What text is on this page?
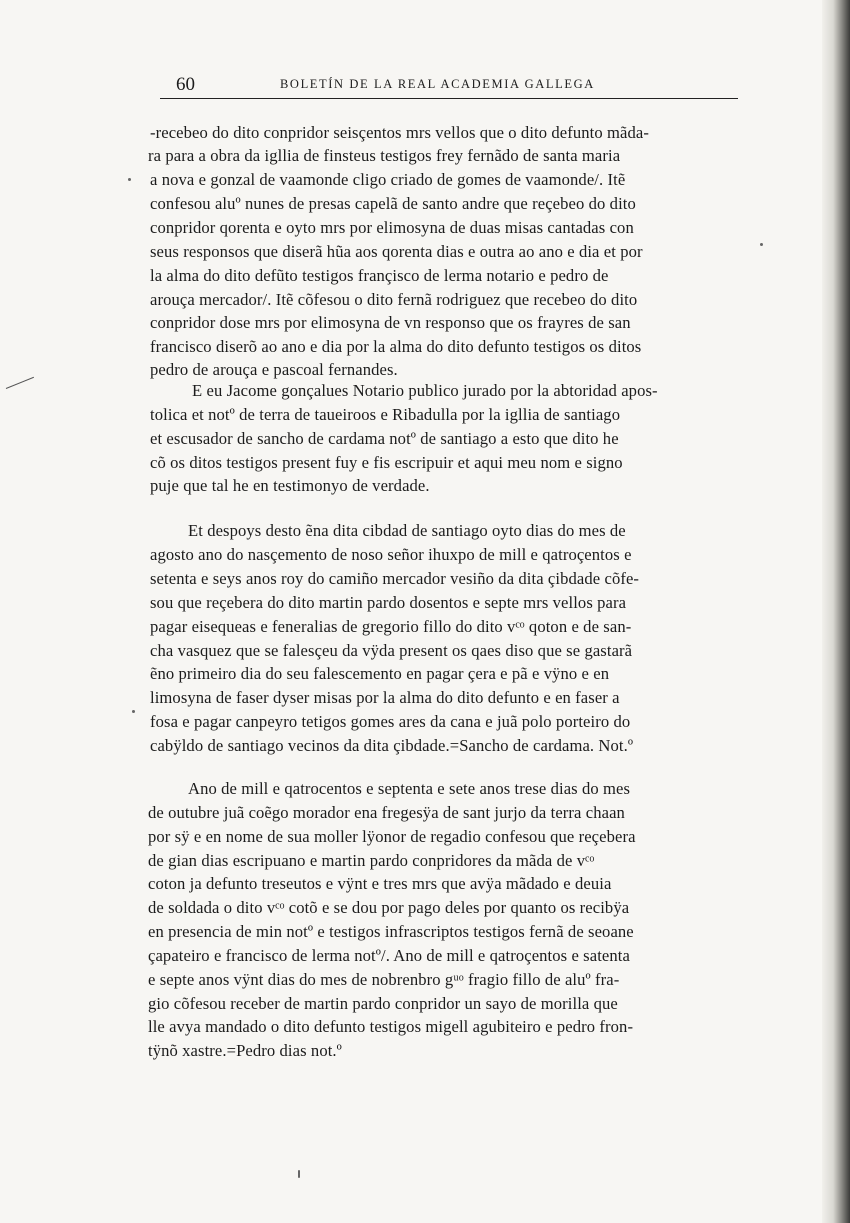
60	BOLETÍN DE LA REAL ACADEMIA GALLEGA
-recebeo do dito conpridor seisçentos mrs vellos que o dito defunto mãda-
ra para a obra da igllia de finsteus testigos frey fernãdo de santa maria
a nova e gonzal de vaamonde cligo criado de gomes de vaamonde/. Itẽ
confesou aluº nunes de presas capelã de santo andre que reçebeo do dito
conpridor qorenta e oyto mrs por elimosyna de duas misas cantadas con
seus responsos que diserã hũa aos qorenta dias e outra ao ano e dia et por
la alma do dito defũto testigos françisco de lerma notario e pedro de
arouça mercador/. Itẽ cõfesou o dito fernã rodriguez que recebeo do dito
conpridor dose mrs por elimosyna de vn responso que os frayres de san
francisco diserõ ao ano e dia por la alma do dito defunto testigos os ditos
pedro de arouça e pascoal fernandes.
E eu Jacome gonçalues Notario publico jurado por la abtoridad apos-
tolica et notº de terra de taueiroos e Ribadulla por la igllia de santiago
et escusador de sancho de cardama notº de santiago a esto que dito he
cõ os ditos testigos present fuy e fis escripuir et aqui meu nom e signo
puje que tal he en testimonyo de verdade.
Et despoys desto ẽna dita cibdad de santiago oyto dias do mes de
agosto ano do nasçemento de noso señor ihuxpo de mill e qatroçentos e
setenta e seys anos roy do camiño mercador vesiño da dita çibdade cõfe-
sou que reçebera do dito martin pardo dosentos e septe mrs vellos para
pagar eisequeas e feneralias de gregorio fillo do dito vᶜᵒ qoton e de san-
cha vasquez que se falesçeu da vÿda present os qaes diso que se gastarã
ẽno primeiro dia do seu falescemento en pagar çera e pã e vÿno e en
limosyna de faser dyser misas por la alma do dito defunto e en faser a
fosa e pagar canpeyro tetigos gomes ares da cana e juã polo porteiro do
cabÿldo de santiago vecinos da dita çibdade.=Sancho de cardama. Not.º
Ano de mill e qatrocentos e septenta e sete anos trese dias do mes
de outubre juã coẽgo morador ena fregesÿa de sant jurjo da terra chaan
por sÿ e en nome de sua moller lÿonor de regadio confesou que reçebera
de gian dias escripuano e martin pardo conpridores da mãda de vᶜᵒ
coton ja defunto treseutos e vÿnt e tres mrs que avÿa mãdado e deuia
de soldada o dito vᶜᵒ cotõ e se dou por pago deles por quanto os recibÿa
en presencia de min notº e testigos infrascriptos testigos fernã de seoane
çapateiro e francisco de lerma notº/. Ano de mill e qatroçentos e satenta
e septe anos vÿnt dias do mes de nobrenbro gᵘᵒ fragio fillo de aluº fra-
gio cõfesou receber de martin pardo conpridor un sayo de morilla que
lle avya mandado o dito defunto testigos migell agubiteiro e pedro fron-
tÿnõ xastre.=Pedro dias not.º
